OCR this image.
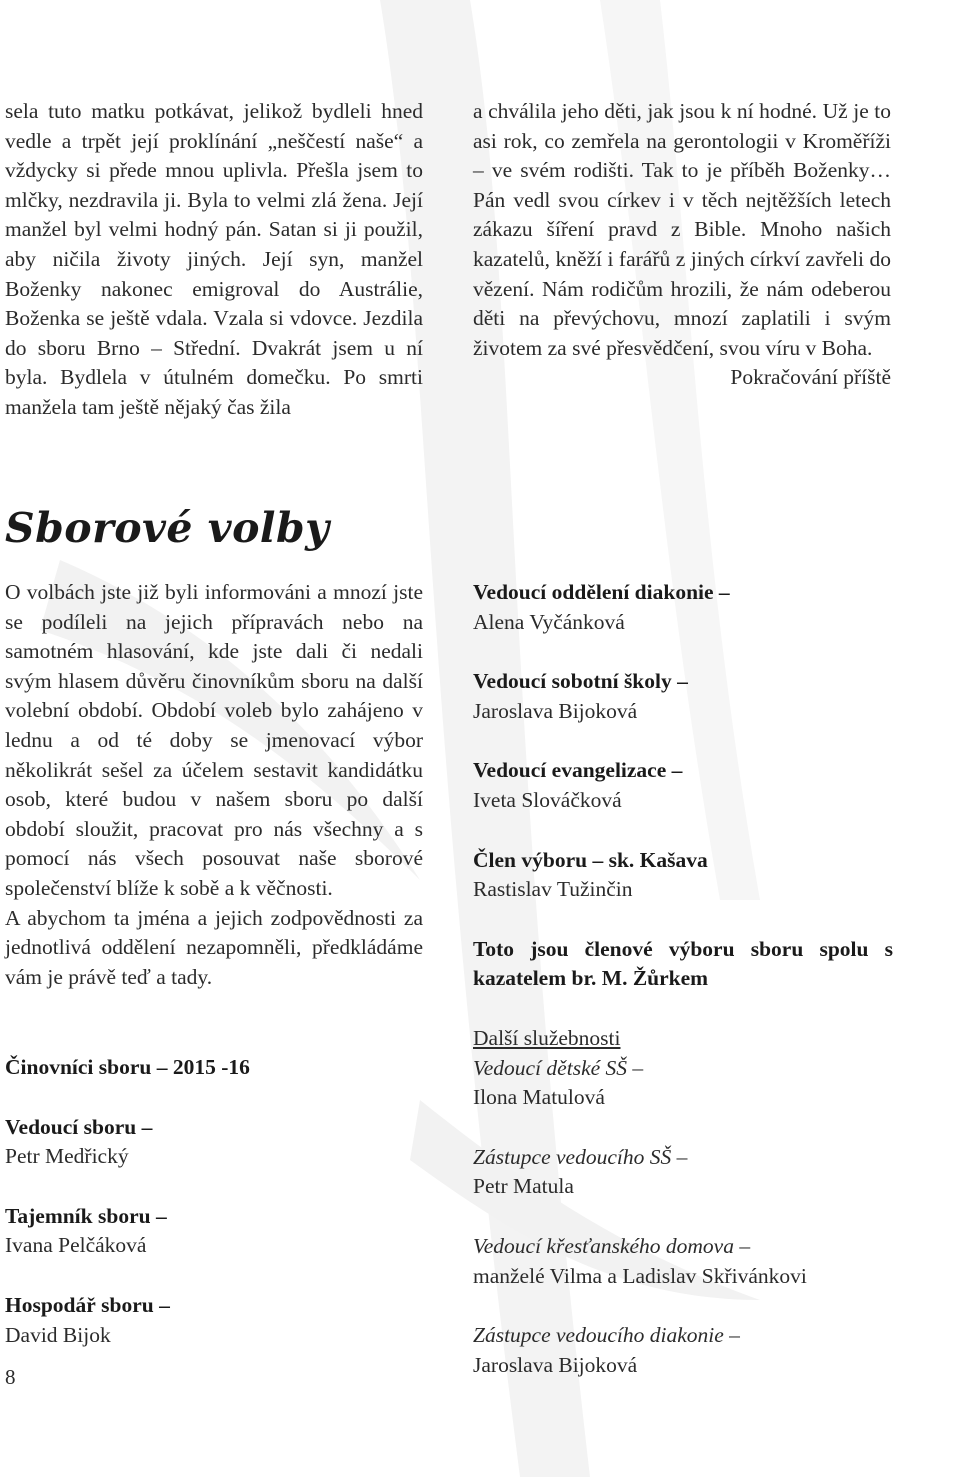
sela tuto matku potkávat, jelikož bydleli hned vedle a trpět její proklínání „neščestí naše“ a vždycky si přede mnou uplivla. Přešla jsem to mlčky, nezdravila ji. Byla to velmi zlá žena. Její manžel byl velmi hodný pán. Satan si ji použil, aby ničila životy jiných. Její syn, manžel Boženky nakonec emigroval do Austrálie, Boženka se ještě vdala. Vzala si vdovce. Jezdila do sboru Brno – Střední. Dvakrát jsem u ní byla. Bydlela v útulném domečku. Po smrti manžela tam ještě nějaký čas žila

a chválila jeho děti, jak jsou k ní hodné. Už je to asi rok, co zemřela na gerontologii v Kroměříži – ve svém rodišti. Tak to je příběh Boženky…Pán vedl svou církev i v těch nejtěžších letech zákazu šíření pravd z Bible. Mnoho našich kazatelů, kněží i farářů z jiných církví zavřeli do vězení. Nám rodičům hrozili, že nám odeberou děti na převýchovu, mnozí zaplatili i svým životem za své přesvědčení, svou víru v Boha.

Pokračování příště
Sborové volby

O volbách jste již byli informováni a mnozí jste se podíleli na jejich přípravách nebo na samotném hlasování, kde jste dali či nedali svým hlasem důvěru činovníkům sboru na další volební období. Období voleb bylo zahájeno v lednu a od té doby se jmenovací výbor několikrát sešel za účelem sestavit kandidátku osob, které budou v našem sboru po další období sloužit, pracovat pro nás všechny a s pomocí nás všech posouvat naše sborové společenství blíže k sobě a k věčnosti.

A abychom ta jména a jejich zodpovědnosti za jednotlivá oddělení nezapomněli, předkládáme vám je právě teď a tady.

Činovníci sboru – 2015 -16
Vedoucí sboru –
Petr Medřický
Tajemník sboru –
Ivana Pelčáková
Hospodář sboru –
David Bijok
Vedoucí oddělení diakonie –
Alena Vyčánková
Vedoucí sobotní školy –
Jaroslava Bijoková
Vedoucí evangelizace –
Iveta Slováčková
Člen výboru – sk. Kašava
Rastislav Tužinčin

Toto jsou členové výboru sboru spolu s kazatelem br. M. Žůrkem

Další služebnosti
Vedoucí dětské SŠ –
Ilona Matulová
Zástupce vedoucího SŠ –
Petr Matula
Vedoucí křesťanského domova –
manželé Vilma a Ladislav Skřivánkovi
Zástupce vedoucího diakonie –
Jaroslava Bijoková
8
